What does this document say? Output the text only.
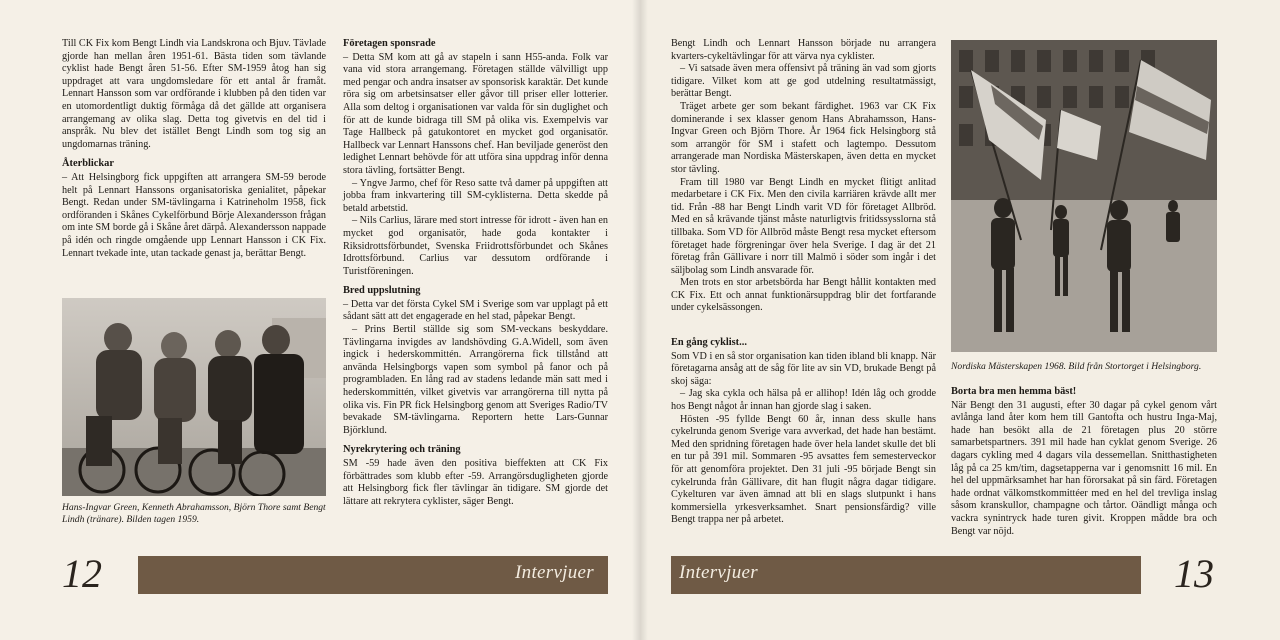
Till CK Fix kom Bengt Lindh via Landskrona och Bjuv. Tävlade gjorde han mellan åren 1951-61. Bästa tiden som tävlande cyklist hade Bengt åren 51-56. Efter SM-1959 åtog han sig uppdraget att vara ungdomsledare för ett antal år framåt. Lennart Hansson som var ordförande i klubben på den tiden var en utomordentligt duktig förmåga då det gällde att organisera arrangemang av olika slag. Detta tog givetvis en del tid i anspråk. Nu blev det istället Bengt Lindh som tog sig an ungdomarnas träning.

Återblickar

– Att Helsingborg fick uppgiften att arrangera SM-59 berode helt på Lennart Hanssons organisatoriska genialitet, påpekar Bengt. Redan under SM-tävlingarna i Katrineholm 1958, fick ordföranden i Skånes Cykelförbund Börje Alexandersson frågan om inte SM borde gå i Skåne året därpå. Alexandersson nappade på idén och ringde omgående upp Lennart Hansson i CK Fix. Lennart tvekade inte, utan tackade genast ja, berättar Bengt.

Hans-Ingvar Green, Kenneth Abrahamsson, Björn Thore samt Bengt Lindh (tränare). Bilden tagen 1959.
Företagen sponsrade

– Detta SM kom att gå av stapeln i sann H55-anda. Folk var vana vid stora arrangemang. Företagen ställde välvilligt upp med pengar och andra insatser av sponsorisk karaktär. Det kunde röra sig om arbetsinsatser eller gåvor till priser eller lotterier. Alla som deltog i organisationen var valda för sin duglighet och för att de kunde bidraga till SM på olika vis. Exempelvis var Tage Hallbeck på gatukontoret en mycket god organisatör. Hallbeck var Lennart Hanssons chef. Han beviljade generöst den ledighet Lennart behövde för att utföra sina uppdrag inför denna stora tävling, fortsätter Bengt.

– Yngve Jarmo, chef för Reso satte två damer på uppgiften att jobba fram inkvartering till SM-cyklisterna. Detta skedde på betald arbetstid.

– Nils Carlius, lärare med stort intresse för idrott - även han en mycket god organisatör, hade goda kontakter i Riksidrottsförbundet, Svenska Friidrottsförbundet och Skånes Idrottsförbund. Carlius var dessutom ordförande i Turistföreningen.

Bred uppslutning

– Detta var det första Cykel SM i Sverige som var upplagt på ett sådant sätt att det engagerade en hel stad, påpekar Bengt.

– Prins Bertil ställde sig som SM-veckans beskyddare. Tävlingarna invigdes av landshövding G.A.Widell, som även ingick i hederskommittén. Arrangörerna fick tillstånd att använda Helsingborgs vapen som symbol på fanor och på programbladen. En lång rad av stadens ledande män satt med i hederskommittén, vilket givetvis var arrangörerna till nytta på olika vis. Fin PR fick Helsingborg genom att Sveriges Radio/TV bevakade SM-tävlingarna. Reportern hette Lars-Gunnar Björklund.

Nyrekrytering och träning

SM -59 hade även den positiva bieffekten att CK Fix förbättrades som klubb efter -59. Arrangörsdugligheten gjorde att Helsingborg fick fler tävlingar än tidigare. SM gjorde det lättare att rekrytera cyklister, säger Bengt.

12	Intervjuer

Bengt Lindh och Lennart Hansson började nu arrangera kvarters-cykeltävlingar för att värva nya cyklister.

– Vi satsade även mera offensivt på träning än vad som gjorts tidigare. Vilket kom att ge god utdelning resultatmässigt, berättar Bengt.

Träget arbete ger som bekant färdighet. 1963 var CK Fix dominerande i sex klasser genom Hans Abrahamsson, Hans-Ingvar Green och Björn Thore. År 1964 fick Helsingborg stå som arrangör för SM i stafett och lagtempo. Dessutom arrangerade man Nordiska Mästerskapen, även detta en mycket stor tävling.

Fram till 1980 var Bengt Lindh en mycket flitigt anlitad medarbetare i CK Fix. Men den civila karriären krävde allt mer tid. Från -88 har Bengt Lindh varit VD för företaget Allbröd. Med en så krävande tjänst måste naturligtvis fritidssysslorna stå tillbaka. Som VD för Allbröd måste Bengt resa mycket eftersom företaget hade förgreningar över hela Sverige. I dag är det 21 företag från Gällivare i norr till Malmö i söder som ingår i det säljbolag som Lindh ansvarade för.

Men trots en stor arbetsbörda har Bengt hållit kontakten med CK Fix. Ett och annat funktionärsuppdrag blir det fortfarande under cykelsässongen.

En gång cyklist...

Som VD i en så stor organisation kan tiden ibland bli knapp. När företagarna ansåg att de såg för lite av sin VD, brukade Bengt på skoj säga:

– Jag ska cykla och hälsa på er allihop! Idén låg och grodde hos Bengt något år innan han gjorde slag i saken.

Hösten -95 fyllde Bengt 60 år, innan dess skulle hans cykelrunda genom Sverige vara avverkad, det hade han bestämt. Med den spridning företagen hade över hela landet skulle det bli en tur på 391 mil. Sommaren -95 avsattes fem semesterveckor för att genomföra projektet. Den 31 juli -95 började Bengt sin cykelrunda från Gällivare, dit han flugit några dagar tidigare. Cykelturen var även ämnad att bli en slags slutpunkt i hans kommersiella yrkesverksamhet. Snart pensionsfärdig? ville Bengt trappa ner på arbetet.

Nordiska Mästerskapen 1968. Bild från Stortorget i Helsingborg.
Borta bra men hemma bäst!

När Bengt den 31 augusti, efter 30 dagar på cykel genom vårt avlånga land åter kom hem till Gantofta och hustru Inga-Maj, hade han besökt alla de 21 företagen plus 20 större samarbetspartners. 391 mil hade han cyklat genom Sverige. 26 dagars cykling med 4 dagars vila dessemellan. Snitthastigheten låg på ca 25 km/tim, dagsetapperna var i genomsnitt 16 mil. En hel del uppmärksamhet har han förorsakat på sin färd. Företagen hade ordnat välkomstkommittéer med en hel del trevliga inslag såsom kranskullor, champagne och tårtor. Oändligt många och vackra synintryck hade turen givit. Kroppen mådde bra och Bengt var nöjd.

Intervjuer	13
